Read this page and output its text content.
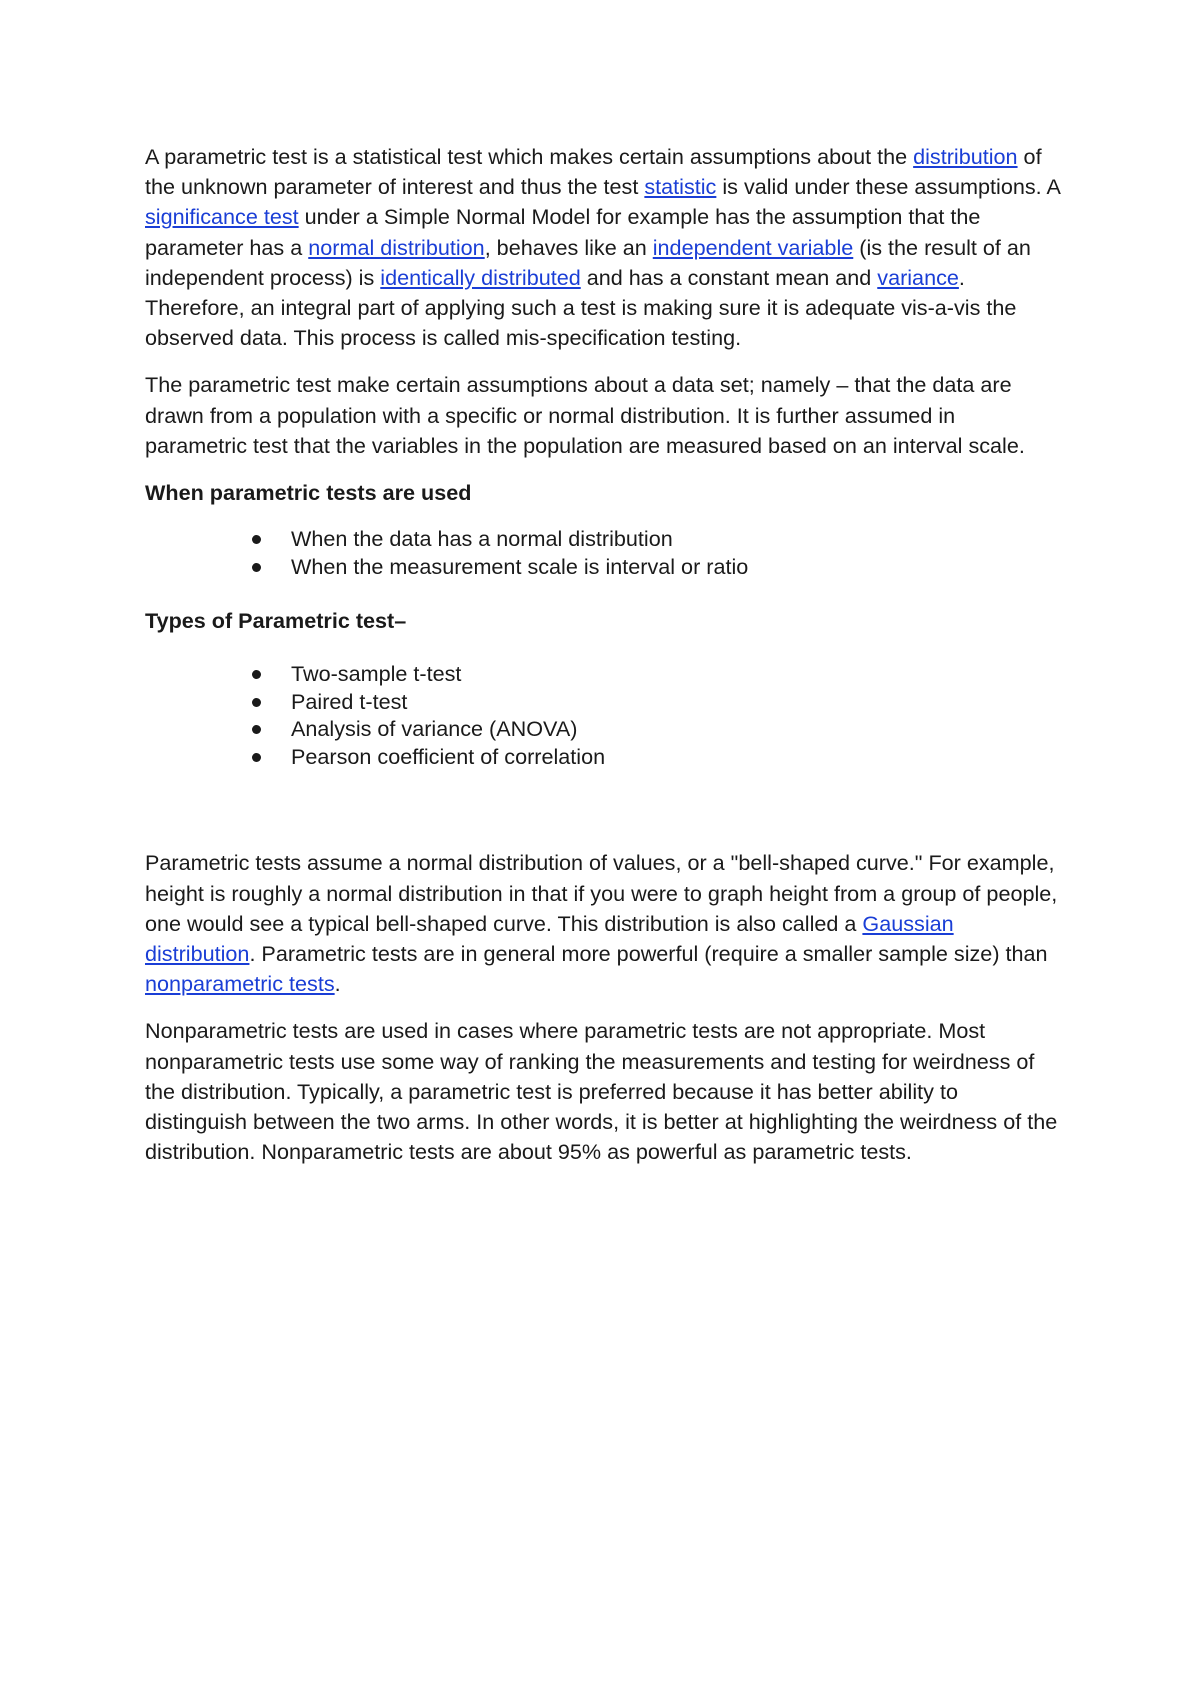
A parametric test is a statistical test which makes certain assumptions about the distribution of the unknown parameter of interest and thus the test statistic is valid under these assumptions. A significance test under a Simple Normal Model for example has the assumption that the parameter has a normal distribution, behaves like an independent variable (is the result of an independent process) is identically distributed and has a constant mean and variance. Therefore, an integral part of applying such a test is making sure it is adequate vis-a-vis the observed data. This process is called mis-specification testing.

The parametric test make certain assumptions about a data set; namely – that the data are drawn from a population with a specific or normal distribution. It is further assumed in parametric test that the variables in the population are measured based on an interval scale.

When parametric tests are used

When the data has a normal distribution
When the measurement scale is interval or ratio

Types of Parametric test–

Two-sample t-test
Paired t-test
Analysis of variance (ANOVA)
Pearson coefficient of correlation

Parametric tests assume a normal distribution of values, or a "bell-shaped curve." For example, height is roughly a normal distribution in that if you were to graph height from a group of people, one would see a typical bell-shaped curve. This distribution is also called a Gaussian distribution. Parametric tests are in general more powerful (require a smaller sample size) than nonparametric tests.

Nonparametric tests are used in cases where parametric tests are not appropriate. Most nonparametric tests use some way of ranking the measurements and testing for weirdness of the distribution. Typically, a parametric test is preferred because it has better ability to distinguish between the two arms. In other words, it is better at highlighting the weirdness of the distribution. Nonparametric tests are about 95% as powerful as parametric tests.
